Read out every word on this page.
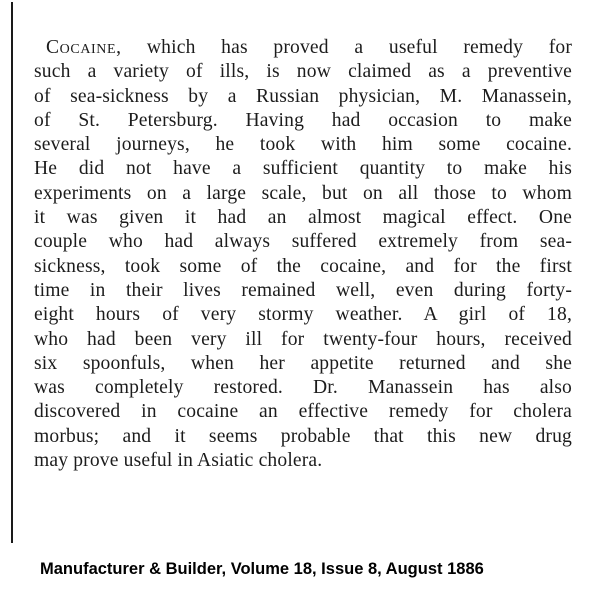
Cocaine, which has proved a useful remedy for
such a variety of ills, is now claimed as a preventive
of sea-sickness by a Russian physician, M. Manassein,
of St. Petersburg. Having had occasion to make
several journeys, he took with him some cocaine.
He did not have a sufficient quantity to make his
experiments on a large scale, but on all those to whom
it was given it had an almost magical effect. One
couple who had always suffered extremely from sea-
sickness, took some of the cocaine, and for the first
time in their lives remained well, even during forty-
eight hours of very stormy weather. A girl of 18,
who had been very ill for twenty-four hours, received
six spoonfuls, when her appetite returned and she
was completely restored. Dr. Manassein has also
discovered in cocaine an effective remedy for cholera
morbus; and it seems probable that this new drug
may prove useful in Asiatic cholera.
Manufacturer & Builder, Volume 18, Issue 8, August 1886
